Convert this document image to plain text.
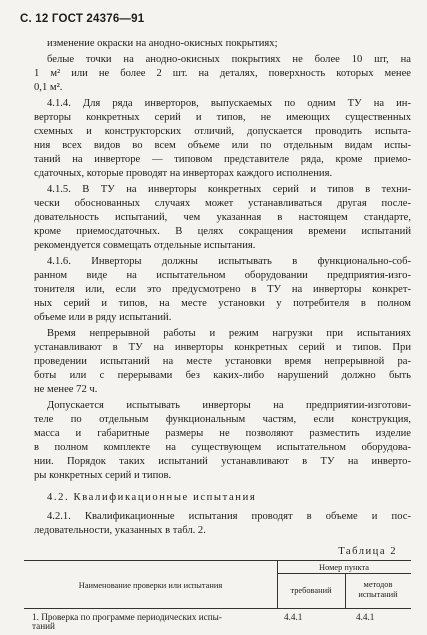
С. 12 ГОСТ 24376—91
изменение окраски на анодно-окисных покрытиях;
белые точки на анодно-окисных покрытиях не более 10 шт, на
1 м² или не более 2 шт. на деталях, поверхность которых менее
0,1 м².
4.1.4. Для ряда инверторов, выпускаемых по одним ТУ на ин-
верторы конкретных серий и типов, не имеющих существенных
схемных и конструкторских отличий, допускается проводить испыта-
ния всех видов во всем объеме или по отдельным видам испы-
таний на инверторе — типовом представителе ряда, кроме приемо-
сдаточных, которые проводят на инверторах каждого исполнения.
4.1.5. В ТУ на инверторы конкретных серий и типов в техни-
чески обоснованных случаях может устанавливаться другая после-
довательность испытаний, чем указанная в настоящем стандарте,
кроме приемосдаточных. В целях сокращения времени испытаний
рекомендуется совмещать отдельные испытания.
4.1.6. Инверторы должны испытывать в функционально-соб-
ранном виде на испытательном оборудовании предприятия-изго-
тонителя или, если это предусмотрено в ТУ на инверторы конкрет-
ных серий и типов, на месте установки у потребителя в полном
объеме или в ряду испытаний.
Время непрерывной работы и режим нагрузки при испытаниях
устанавливают в ТУ на инверторы конкретных серий и типов. При
проведении испытаний на месте установки время непрерывной ра-
боты или с перерывами без каких-либо нарушений должно быть
не менее 72 ч.
Допускается испытывать инверторы на предприятии-изготови-
теле по отдельным функциональным частям, если конструкция,
масса и габаритные размеры не позволяют разместить изделие
в полном комплекте на существующем испытательном оборудова-
нии. Порядок таких испытаний устанавливают в ТУ на инверто-
ры конкретных серий и типов.
4.2. Квалификационные испытания
4.2.1. Квалификационные испытания проводят в объеме и пос-
ледовательности, указанных в табл. 2.
Таблица 2
Наименование проверки или испытания
Номер пункта
требований
методов испытаний
1. Проверка по программе периодических испы-	4.4.1	4.4.1
таний
